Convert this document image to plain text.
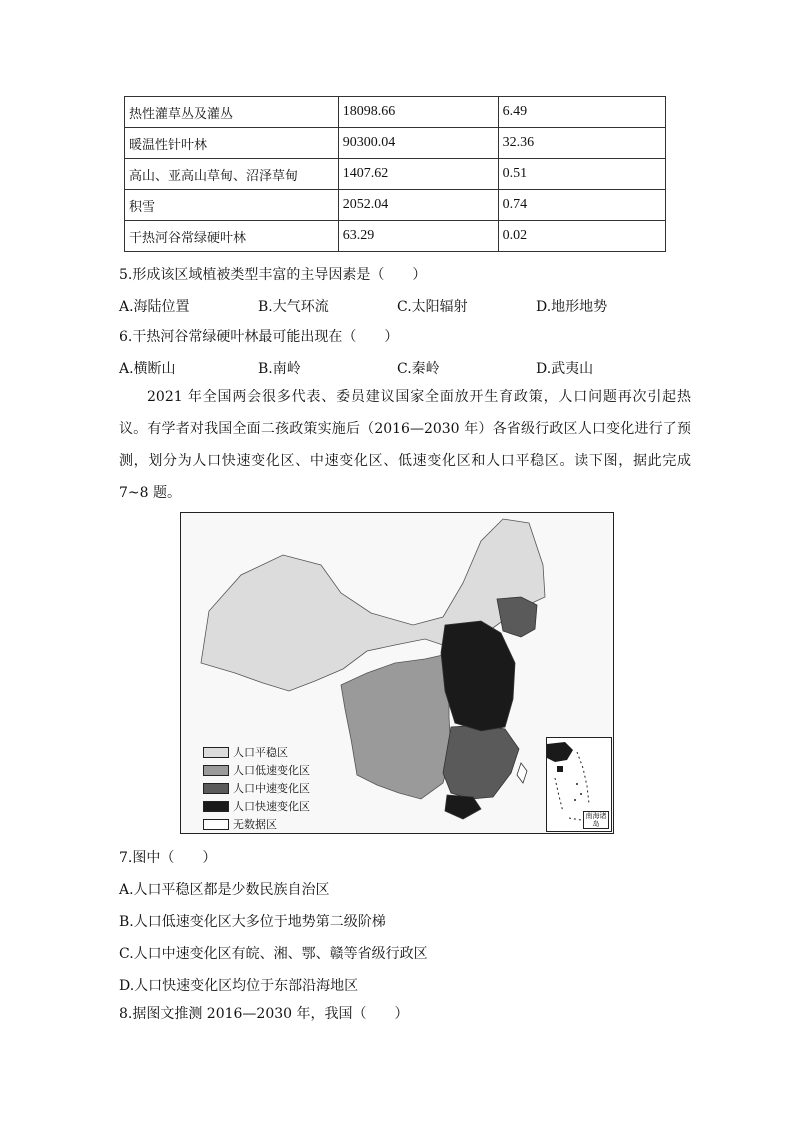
热性灌草丛及灌丛	18098.66	6.49
暖温性针叶林	90300.04	32.36
高山、亚高山草甸、沼泽草甸	1407.62	0.51
积雪	2052.04	0.74
干热河谷常绿硬叶林	63.29	0.02
5.形成该区域植被类型丰富的主导因素是（　　）
A.海陆位置	B.大气环流	C.太阳辐射	D.地形地势
6.干热河谷常绿硬叶林最可能出现在（　　）
A.横断山	B.南岭	C.秦岭	D.武夷山
2021 年全国两会很多代表、委员建议国家全面放开生育政策，人口问题再次引起热议。有学者对我国全面二孩政策实施后（2016—2030 年）各省级行政区人口变化进行了预测，划分为人口快速变化区、中速变化区、低速变化区和人口平稳区。读下图，据此完成 7~8 题。
人口平稳区
人口低速变化区
人口中速变化区
人口快速变化区
无数据区
南海诸岛
7.图中（　　）
A.人口平稳区都是少数民族自治区
B.人口低速变化区大多位于地势第二级阶梯
C.人口中速变化区有皖、湘、鄂、赣等省级行政区
D.人口快速变化区均位于东部沿海地区
8.据图文推测 2016—2030 年，我国（　　）
